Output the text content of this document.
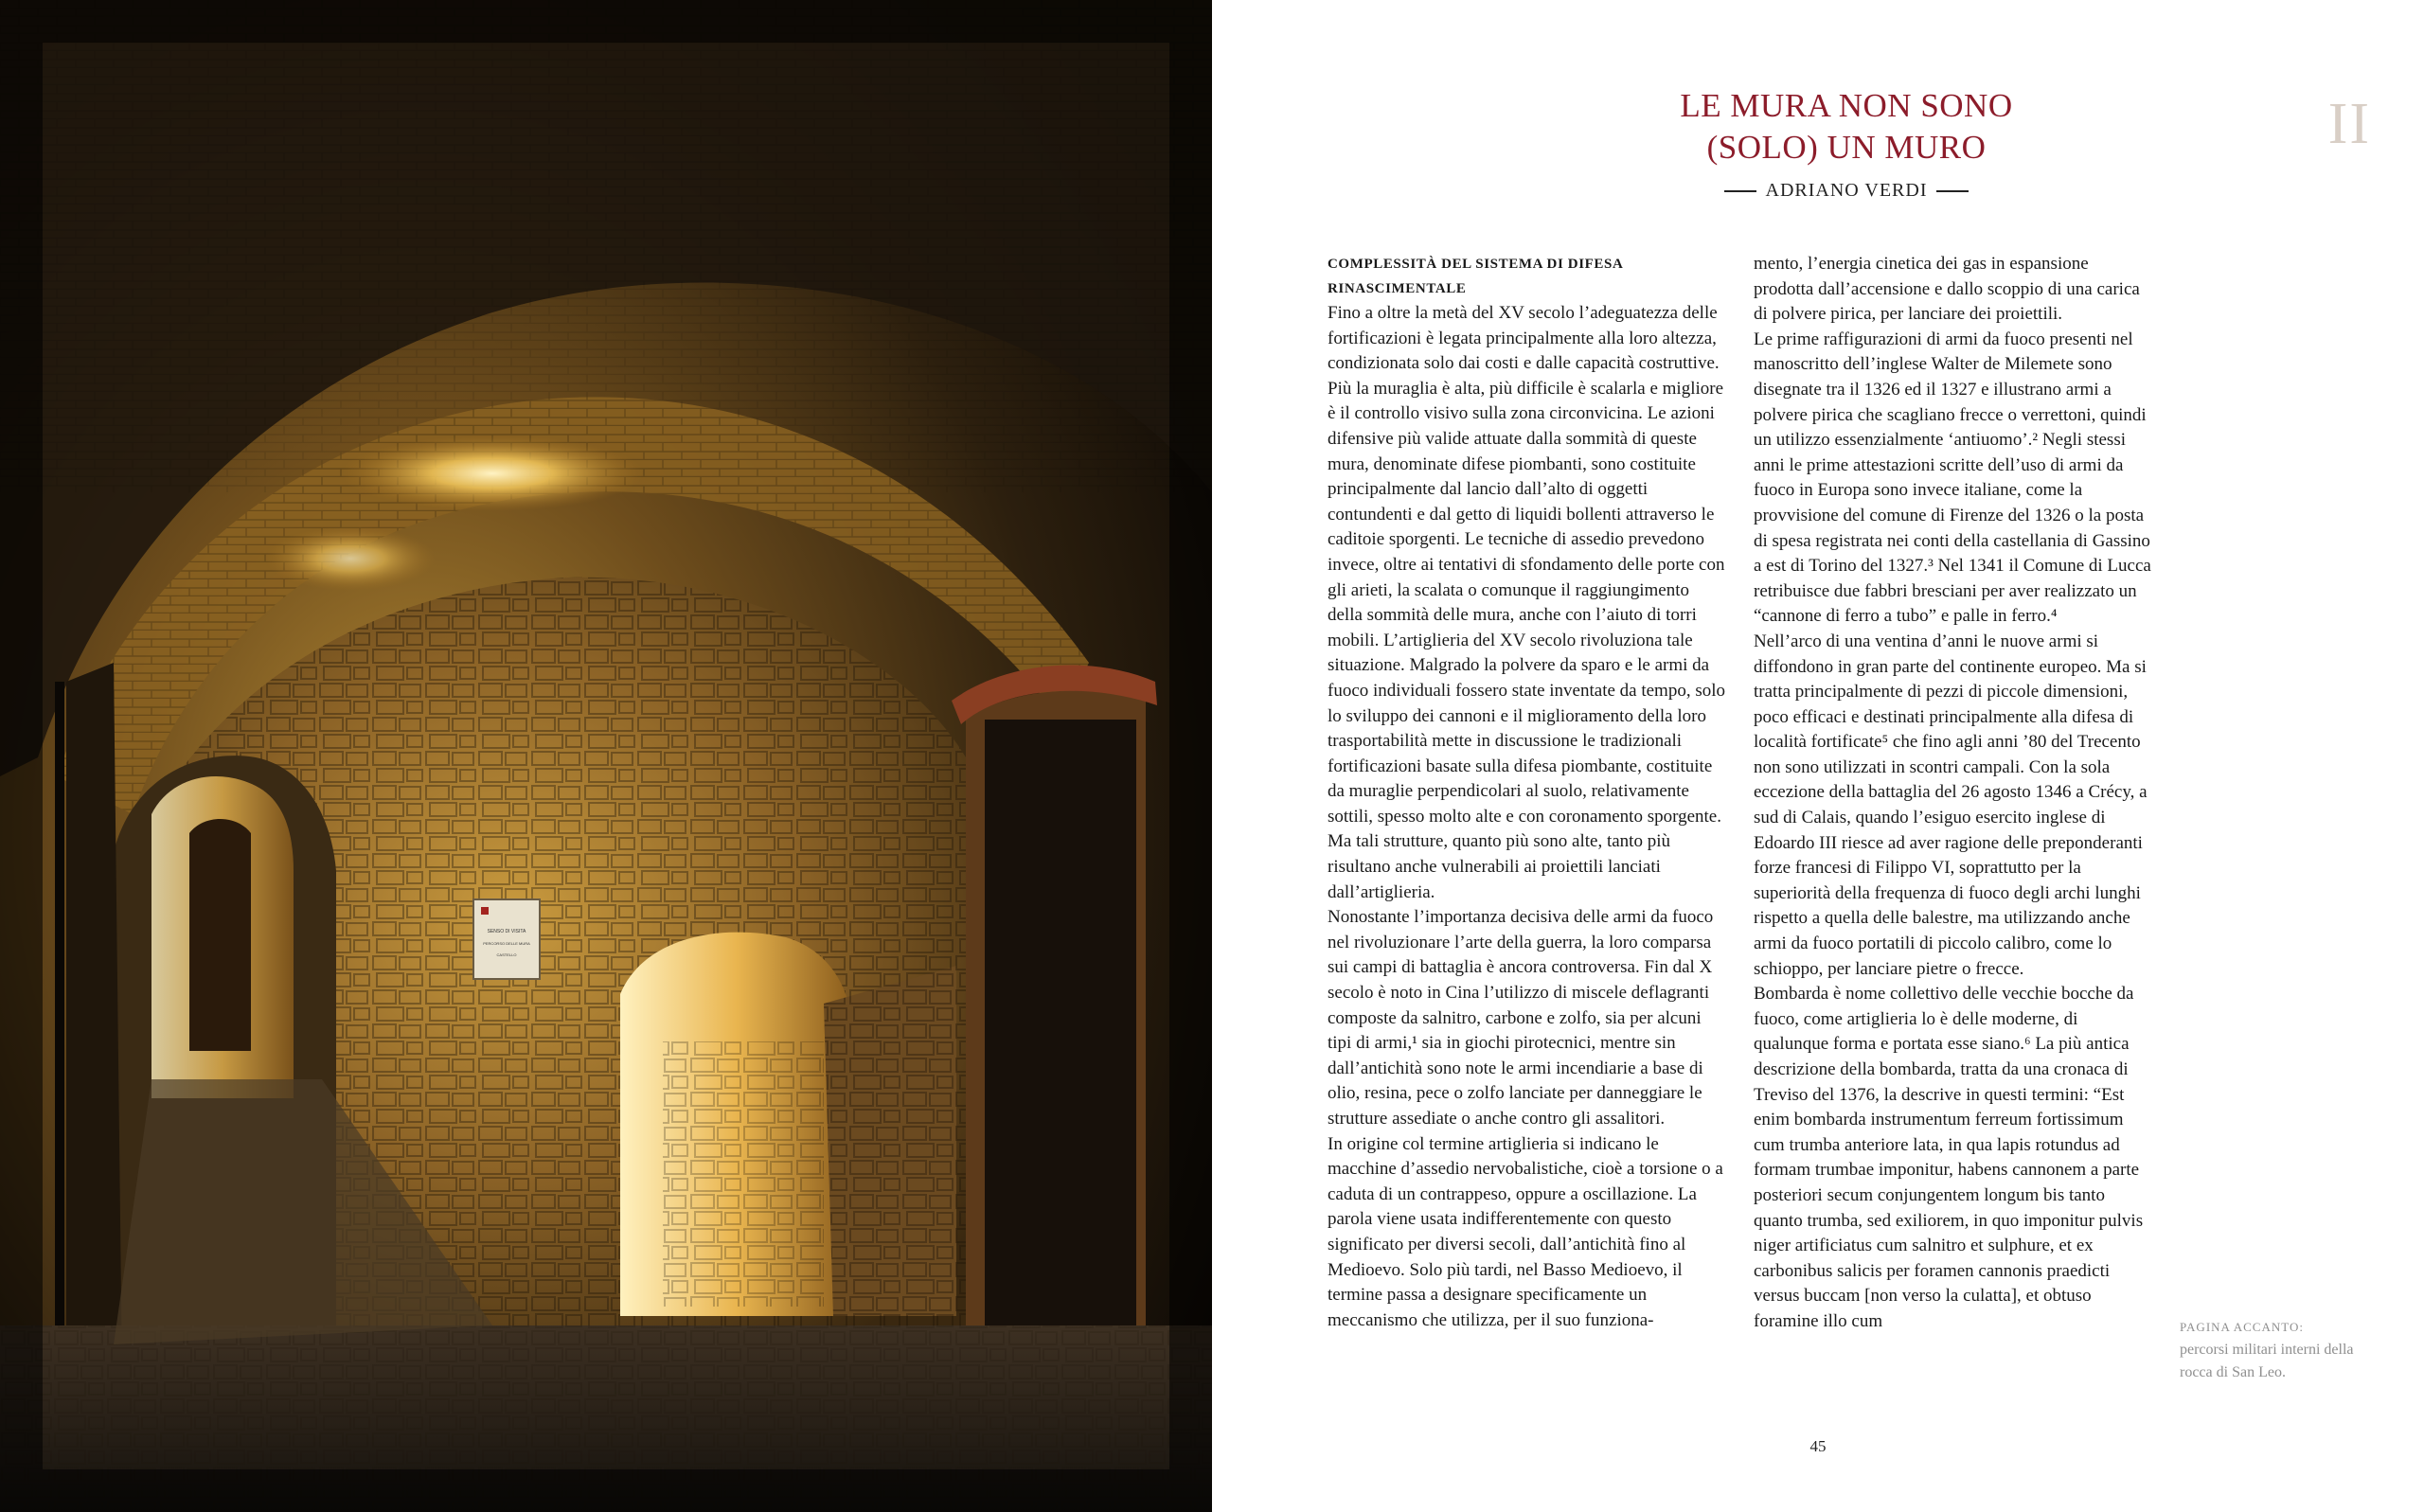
SENSO DI VISITA
PERCORSO DELLE MURA
CASTELLO
LE MURA NON SONO
(SOLO) UN MURO	II
ADRIANO VERDI

COMPLESSITÀ DEL SISTEMA DI DIFESA RINASCIMENTALE

Fino a oltre la metà del XV secolo l’adeguatezza delle fortificazioni è legata principalmente alla loro altezza, condizionata solo dai costi e dalle capacità costruttive. Più la muraglia è alta, più difficile è scalarla e migliore è il controllo visivo sulla zona circonvicina. Le azioni difensive più valide attuate dalla sommità di queste mura, denominate difese piombanti, sono costituite principalmente dal lancio dall’alto di oggetti contundenti e dal getto di liquidi bollenti attraverso le caditoie sporgenti. Le tecniche di assedio prevedono invece, oltre ai tentativi di sfondamento delle porte con gli arieti, la scalata o comunque il raggiungimento della sommità delle mura, anche con l’aiuto di torri mobili. L’artiglieria del XV secolo rivoluziona tale situazione. Malgrado la polvere da sparo e le armi da fuoco individuali fossero state inventate da tempo, solo lo sviluppo dei cannoni e il miglioramento della loro trasportabilità mette in discussione le tradizionali fortificazioni basate sulla difesa piombante, costituite da muraglie perpendicolari al suolo, relativamente sottili, spesso molto alte e con coronamento sporgente. Ma tali strutture, quanto più sono alte, tanto più risultano anche vulnerabili ai proiettili lanciati dall’artiglieria.

Nonostante l’importanza decisiva delle armi da fuoco nel rivoluzionare l’arte della guerra, la loro comparsa sui campi di battaglia è ancora controversa. Fin dal X secolo è noto in Cina l’utilizzo di miscele deflagranti composte da salnitro, carbone e zolfo, sia per alcuni tipi di armi,¹ sia in giochi pirotecnici, mentre sin dall’antichità sono note le armi incendiarie a base di olio, resina, pece o zolfo lanciate per danneggiare le strutture assediate o anche contro gli assalitori.

In origine col termine artiglieria si indicano le macchine d’assedio nervobalistiche, cioè a torsione o a caduta di un contrappeso, oppure a oscillazione. La parola viene usata indifferentemente con questo significato per diversi secoli, dall’antichità fino al Medioevo. Solo più tardi, nel Basso Medioevo, il termine passa a designare specificamente un meccanismo che utilizza, per il suo funziona-

mento, l’energia cinetica dei gas in espansione prodotta dall’accensione e dallo scoppio di una carica di polvere pirica, per lanciare dei proiettili.

Le prime raffigurazioni di armi da fuoco presenti nel manoscritto dell’inglese Walter de Milemete sono disegnate tra il 1326 ed il 1327 e illustrano armi a polvere pirica che scagliano frecce o verrettoni, quindi un utilizzo essenzialmente ‘antiuomo’.² Negli stessi anni le prime attestazioni scritte dell’uso di armi da fuoco in Europa sono invece italiane, come la provvisione del comune di Firenze del 1326 o la posta di spesa registrata nei conti della castellania di Gassino a est di Torino del 1327.³ Nel 1341 il Comune di Lucca retribuisce due fabbri bresciani per aver realizzato un “cannone di ferro a tubo” e palle in ferro.⁴

Nell’arco di una ventina d’anni le nuove armi si diffondono in gran parte del continente europeo. Ma si tratta principalmente di pezzi di piccole dimensioni, poco efficaci e destinati principalmente alla difesa di località fortificate⁵ che fino agli anni ’80 del Trecento non sono utilizzati in scontri campali. Con la sola eccezione della battaglia del 26 agosto 1346 a Crécy, a sud di Calais, quando l’esiguo esercito inglese di Edoardo III riesce ad aver ragione delle preponderanti forze francesi di Filippo VI, soprattutto per la superiorità della frequenza di fuoco degli archi lunghi rispetto a quella delle balestre, ma utilizzando anche armi da fuoco portatili di piccolo calibro, come lo schioppo, per lanciare pietre o frecce.

Bombarda è nome collettivo delle vecchie bocche da fuoco, come artiglieria lo è delle moderne, di qualunque forma e portata esse siano.⁶ La più antica descrizione della bombarda, tratta da una cronaca di Treviso del 1376, la descrive in questi termini: “Est enim bombarda instrumentum ferreum fortissimum cum trumba anteriore lata, in qua lapis rotundus ad formam trumbae imponitur, habens cannonem a parte posteriori secum conjungentem longum bis tanto quanto trumba, sed exiliorem, in quo imponitur pulvis niger artificiatus cum salnitro et sulphure, et ex carbonibus salicis per foramen cannonis praedicti versus buccam [non verso la culatta], et obtuso foramine illo cum	PAGINA ACCANTO:
percorsi militari interni della rocca di San Leo.
45
